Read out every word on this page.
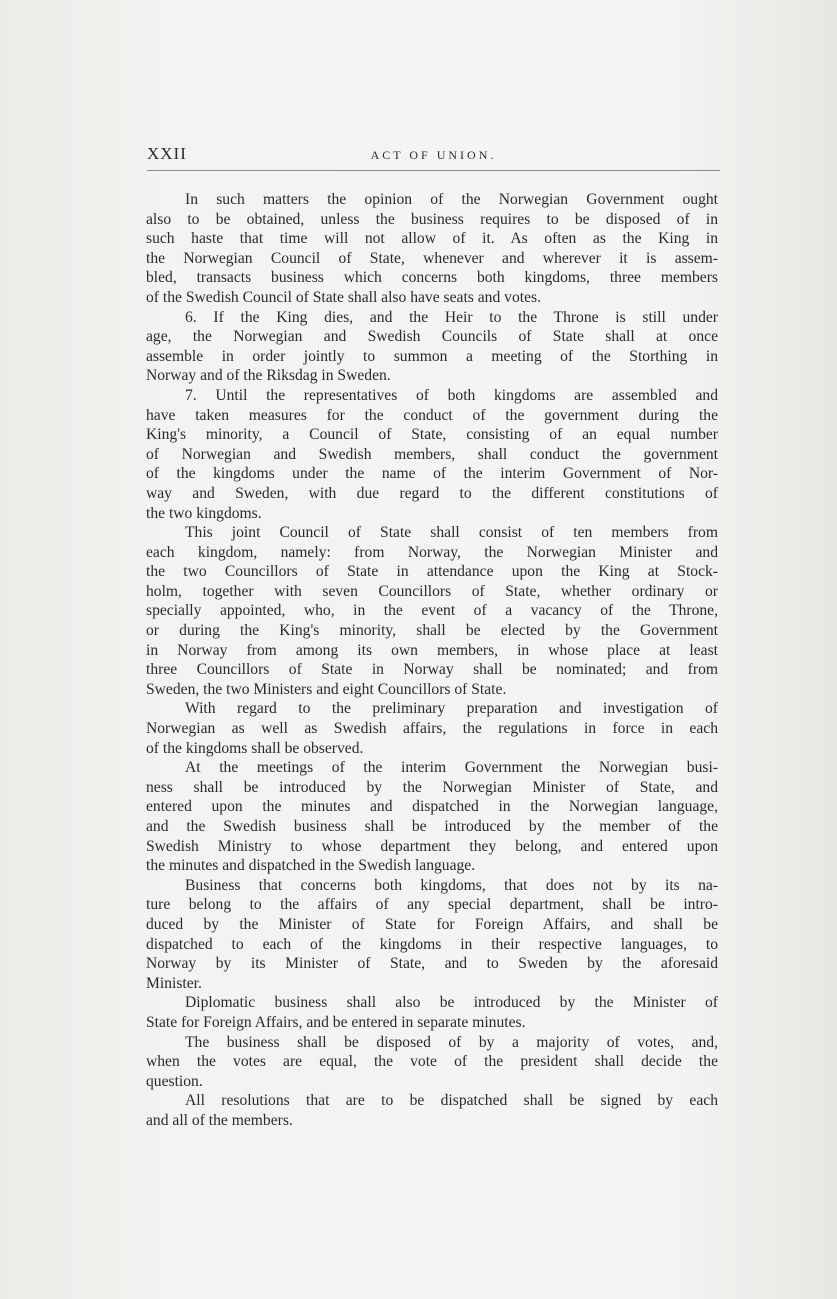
XXII	ACT OF UNION.
In such matters the opinion of the Norwegian Government ought
also to be obtained, unless the business requires to be disposed of in
such haste that time will not allow of it. As often as the King in
the Norwegian Council of State, whenever and wherever it is assem-
bled, transacts business which concerns both kingdoms, three members
of the Swedish Council of State shall also have seats and votes.
6. If the King dies, and the Heir to the Throne is still under
age, the Norwegian and Swedish Councils of State shall at once
assemble in order jointly to summon a meeting of the Storthing in
Norway and of the Riksdag in Sweden.
7. Until the representatives of both kingdoms are assembled and
have taken measures for the conduct of the government during the
King's minority, a Council of State, consisting of an equal number
of Norwegian and Swedish members, shall conduct the government
of the kingdoms under the name of the interim Government of Nor-
way and Sweden, with due regard to the different constitutions of
the two kingdoms.
This joint Council of State shall consist of ten members from
each kingdom, namely: from Norway, the Norwegian Minister and
the two Councillors of State in attendance upon the King at Stock-
holm, together with seven Councillors of State, whether ordinary or
specially appointed, who, in the event of a vacancy of the Throne,
or during the King's minority, shall be elected by the Government
in Norway from among its own members, in whose place at least
three Councillors of State in Norway shall be nominated; and from
Sweden, the two Ministers and eight Councillors of State.
With regard to the preliminary preparation and investigation of
Norwegian as well as Swedish affairs, the regulations in force in each
of the kingdoms shall be observed.
At the meetings of the interim Government the Norwegian busi-
ness shall be introduced by the Norwegian Minister of State, and
entered upon the minutes and dispatched in the Norwegian language,
and the Swedish business shall be introduced by the member of the
Swedish Ministry to whose department they belong, and entered upon
the minutes and dispatched in the Swedish language.
Business that concerns both kingdoms, that does not by its na-
ture belong to the affairs of any special department, shall be intro-
duced by the Minister of State for Foreign Affairs, and shall be
dispatched to each of the kingdoms in their respective languages, to
Norway by its Minister of State, and to Sweden by the aforesaid
Minister.
Diplomatic business shall also be introduced by the Minister of
State for Foreign Affairs, and be entered in separate minutes.
The business shall be disposed of by a majority of votes, and,
when the votes are equal, the vote of the president shall decide the
question.
All resolutions that are to be dispatched shall be signed by each
and all of the members.
